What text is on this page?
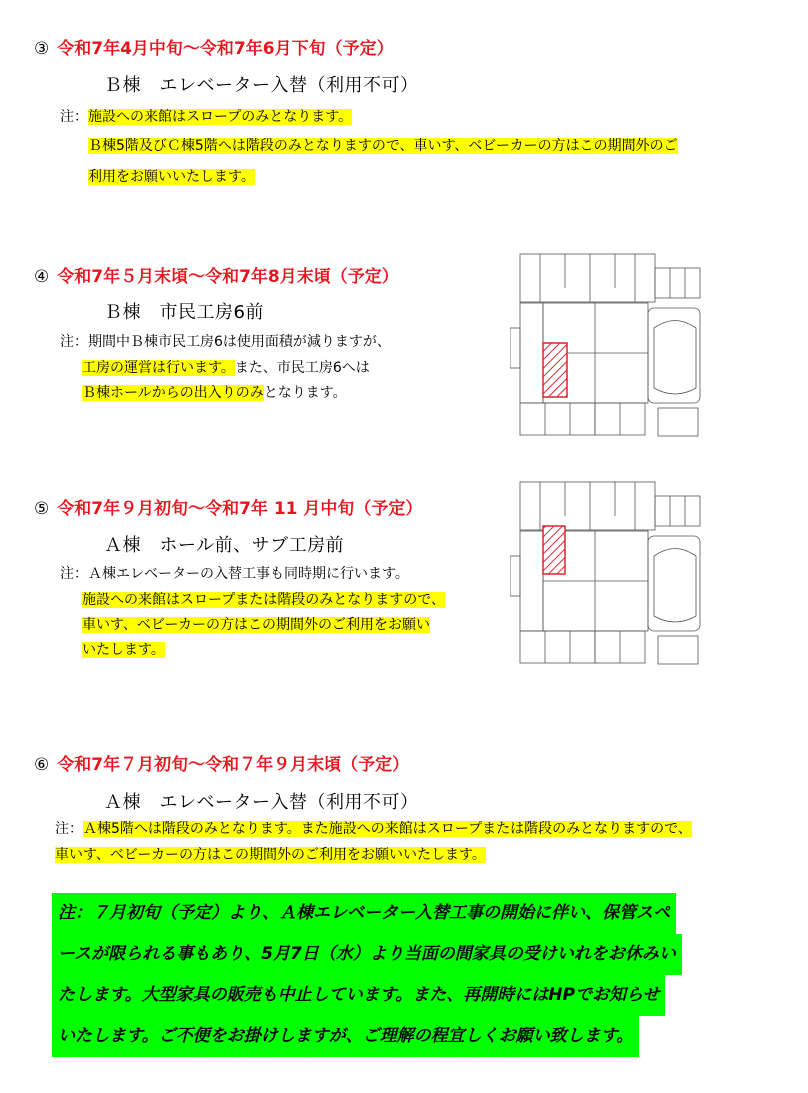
③ 令和7年4月中旬～令和7年6月下旬（予定）
Ｂ棟　エレベーター入替（利用不可）
注：施設への来館はスロープのみとなります。
Ｂ棟5階及びＣ棟5階へは階段のみとなりますので、車いす、ベビーカーの方はこの期間外のご
利用をお願いいたします。
④ 令和7年５月末頃～令和7年8月末頃（予定）
Ｂ棟　市民工房6前
注：期間中Ｂ棟市民工房6は使用面積が減りますが、
工房の運営は行います。また、市民工房6へは
Ｂ棟ホールからの出入りのみとなります。
⑤ 令和7年９月初旬～令和7年 11 月中旬（予定）
Ａ棟　ホール前、サブ工房前
注：Ａ棟エレベーターの入替工事も同時期に行います。
施設への来館はスロープまたは階段のみとなりますので、
車いす、ベビーカーの方はこの期間外のご利用をお願い
いたします。
⑥ 令和7年７月初旬～令和７年９月末頃（予定）
Ａ棟　エレベーター入替（利用不可）
注：Ａ棟5階へは階段のみとなります。また施設への来館はスロープまたは階段のみとなりますので、
車いす、ベビーカーの方はこの期間外のご利用をお願いいたします。
注：７月初旬（予定）より、Ａ棟エレベーター入替工事の開始に伴い、保管スペ
ースが限られる事もあり、5月7日（水）より当面の間家具の受けいれをお休みい
たします。大型家具の販売も中止しています。また、再開時にはHPでお知らせ
いたします。ご不便をお掛けしますが、ご理解の程宜しくお願い致します。
